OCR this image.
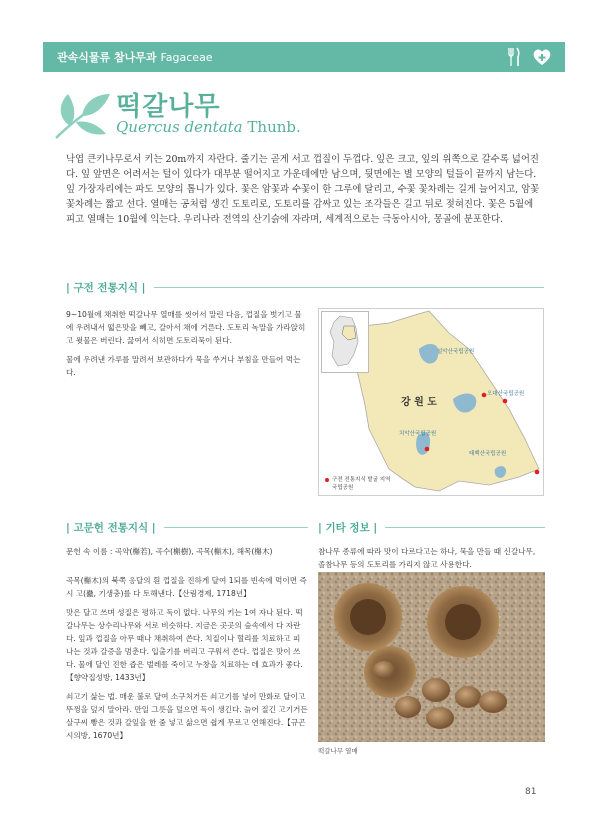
관속식물류 참나무과 Fagaceae
떡갈나무
Quercus dentata Thunb.
낙엽 큰키나무로서 키는 20m까지 자란다. 줄기는 곧게 서고 껍질이 두껍다. 잎은 크고, 잎의 위쪽으로 갈수록 넓어진다. 잎 앞면은 어려서는 털이 있다가 대부분 떨어지고 가운데에만 남으며, 뒷면에는 별 모양의 털들이 끝까지 남는다. 잎 가장자리에는 파도 모양의 톱니가 있다. 꽃은 암꽃과 수꽃이 한 그루에 달리고, 수꽃 꽃차례는 길게 늘어지고, 암꽃 꽃차례는 짧고 선다. 열매는 공처럼 생긴 도토리로, 도토리를 감싸고 있는 조각들은 길고 뒤로 젖혀진다. 꽃은 5월에 피고 열매는 10월에 익는다. 우리나라 전역의 산기슭에 자라며, 세계적으로는 극동아시아, 몽골에 분포한다.
| 구전 전통지식 |

9~10월에 채취한 떡갈나무 열매를 씻어서 말린 다음, 껍질을 벗기고 물에 우려내서 떫은맛을 빼고, 갈아서 채에 거른다. 도토리 녹말을 가라앉히고 윗물은 버린다. 끓여서 식히면 도토리묵이 된다.

물에 우려낸 가루를 말려서 보관하다가 묵을 쑤거나 부침을 만들어 먹는다.

강 원 도
설악산국립공원
오대산국립공원
치악산국립공원
태백산국립공원
구전 전통지식 발굴 지역
국립공원
| 고문헌 전통지식 |

문헌 속 이름 : 곡약(槲若), 곡수(槲樹), 곡목(槲木), 해목(槲木)

곡목(槲木)의 북쪽 응달의 흰 껍질을 진하게 달여 1되를 빈속에 먹이면 즉시 고(蠱, 기생충)를 다 토해낸다.【산림경제, 1718년】

맛은 달고 쓰며 성질은 평하고 독이 없다. 나무의 키는 1여 자나 된다. 떡갈나무는 상수리나무와 서로 비슷하다. 지금은 곳곳의 숲속에서 다 자란다. 잎과 껍질을 아무 때나 채취하여 쓴다. 치질이나 혈리를 치료하고 피 나는 것과 갈증을 멈춘다. 입출기를 버리고 구워서 쓴다. 껍질은 맛이 쓰다. 물에 달인 진한 즙은 벌레를 죽이고 누창을 치료하는 데 효과가 좋다.【향약집성방, 1433년】

쇠고기 삶는 법. 매운 불로 달여 소구처거든 쇠고기를 넣어 만화로 달이고 뚜껑을 덮지 말아라. 만일 그릇을 덮으면 독이 생긴다. 늙어 질긴 고기거든 살구씨 빻은 것과 갈잎을 한 줌 넣고 삶으면 쉽게 무르고 연해진다.【규곤시의방, 1670년】

| 기타 정보 |

참나무 종류에 따라 맛이 다르다고는 하나, 묵을 만들 때 신갈나무, 졸참나무 등의 도토리를 가리지 않고 사용한다.

떡갈나무 열매
81
